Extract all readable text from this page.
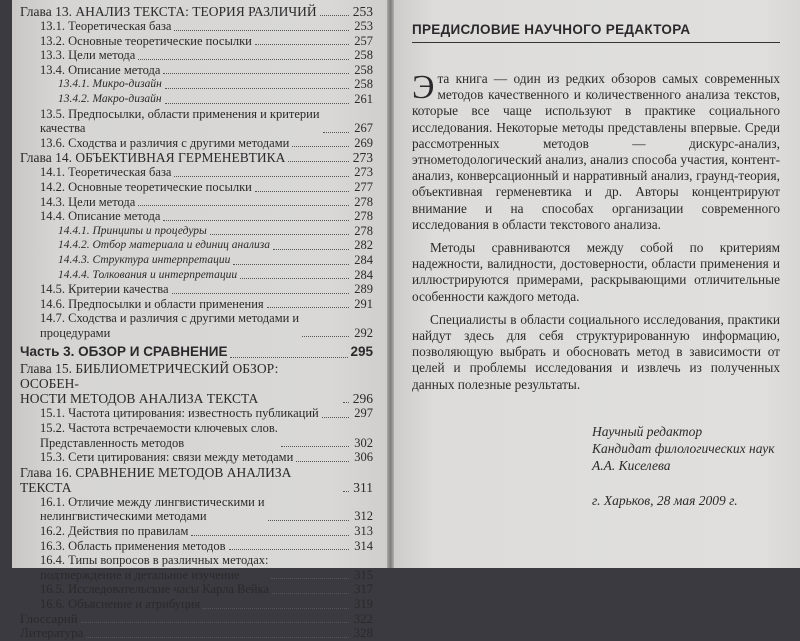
Глава 13. АНАЛИЗ ТЕКСТА: ТЕОРИЯ РАЗЛИЧИЙ	253
13.1. Теоретическая база	253
13.2. Основные теоретические посылки	257
13.3. Цели метода	258
13.4. Описание метода	258
13.4.1. Микро-дизайн	258
13.4.2. Макро-дизайн	261
13.5. Предпосылки, области применения и критерии
качества	267
13.6. Сходства и различия с другими методами	269
Глава 14. ОБЪЕКТИВНАЯ ГЕРМЕНЕВТИКА	273
14.1. Теоретическая база	273
14.2. Основные теоретические посылки	277
14.3. Цели метода	278
14.4. Описание метода	278
14.4.1. Принципы и процедуры	278
14.4.2. Отбор материала и единиц анализа	282
14.4.3. Структура интерпретации	284
14.4.4. Толкования и интерпретации	284
14.5. Критерии качества	289
14.6. Предпосылки и области применения	291
14.7. Сходства и различия с другими методами и
процедурами	292
Часть 3. ОБЗОР И СРАВНЕНИЕ	295
Глава 15. БИБЛИОМЕТРИЧЕСКИЙ ОБЗОР: ОСОБЕН-
НОСТИ МЕТОДОВ АНАЛИЗА ТЕКСТА	296
15.1. Частота цитирования: известность публикаций	297
15.2. Частота встречаемости ключевых слов.
Представленность методов	302
15.3. Сети цитирования: связи между методами	306
Глава 16. СРАВНЕНИЕ МЕТОДОВ АНАЛИЗА ТЕКСТА	311
16.1. Отличие между лингвистическими и
нелингвистическими методами	312
16.2. Действия по правилам	313
16.3. Область применения методов	314
16.4. Типы вопросов в различных методах:
подтверждение и детальное изучение	315
16.5. Исследовательские часы Карла Вейка	317
16.6. Объяснение и атрибуция	319
Глоссарий	322
Литература	328
ПРЕДИСЛОВИЕ НАУЧНОГО РЕДАКТОРА

Эта книга — один из редких обзоров самых современных методов качественного и количественного анализа текстов, которые все чаще используют в практике социального исследования. Некоторые методы представлены впервые. Среди рассмотренных методов — дискурс-анализ, этнометодологический анализ, анализ способа участия, контент-анализ, конверсационный и нарративный анализ, граунд-теория, объективная герменевтика и др. Авторы концентрируют внимание и на способах организации современного исследования в области текстового анализа.

Методы сравниваются между собой по критериям надежности, валидности, достоверности, области применения и иллюстрируются примерами, раскрывающими отличительные особенности каждого метода.

Специалисты в области социального исследования, практики найдут здесь для себя структурированную информацию, позволяющую выбрать и обосновать метод в зависимости от целей и проблемы исследования и извлечь из полученных данных полезные результаты.

Научный редактор
Кандидат филологических наук
А.А. Киселева
г. Харьков, 28 мая 2009 г.
